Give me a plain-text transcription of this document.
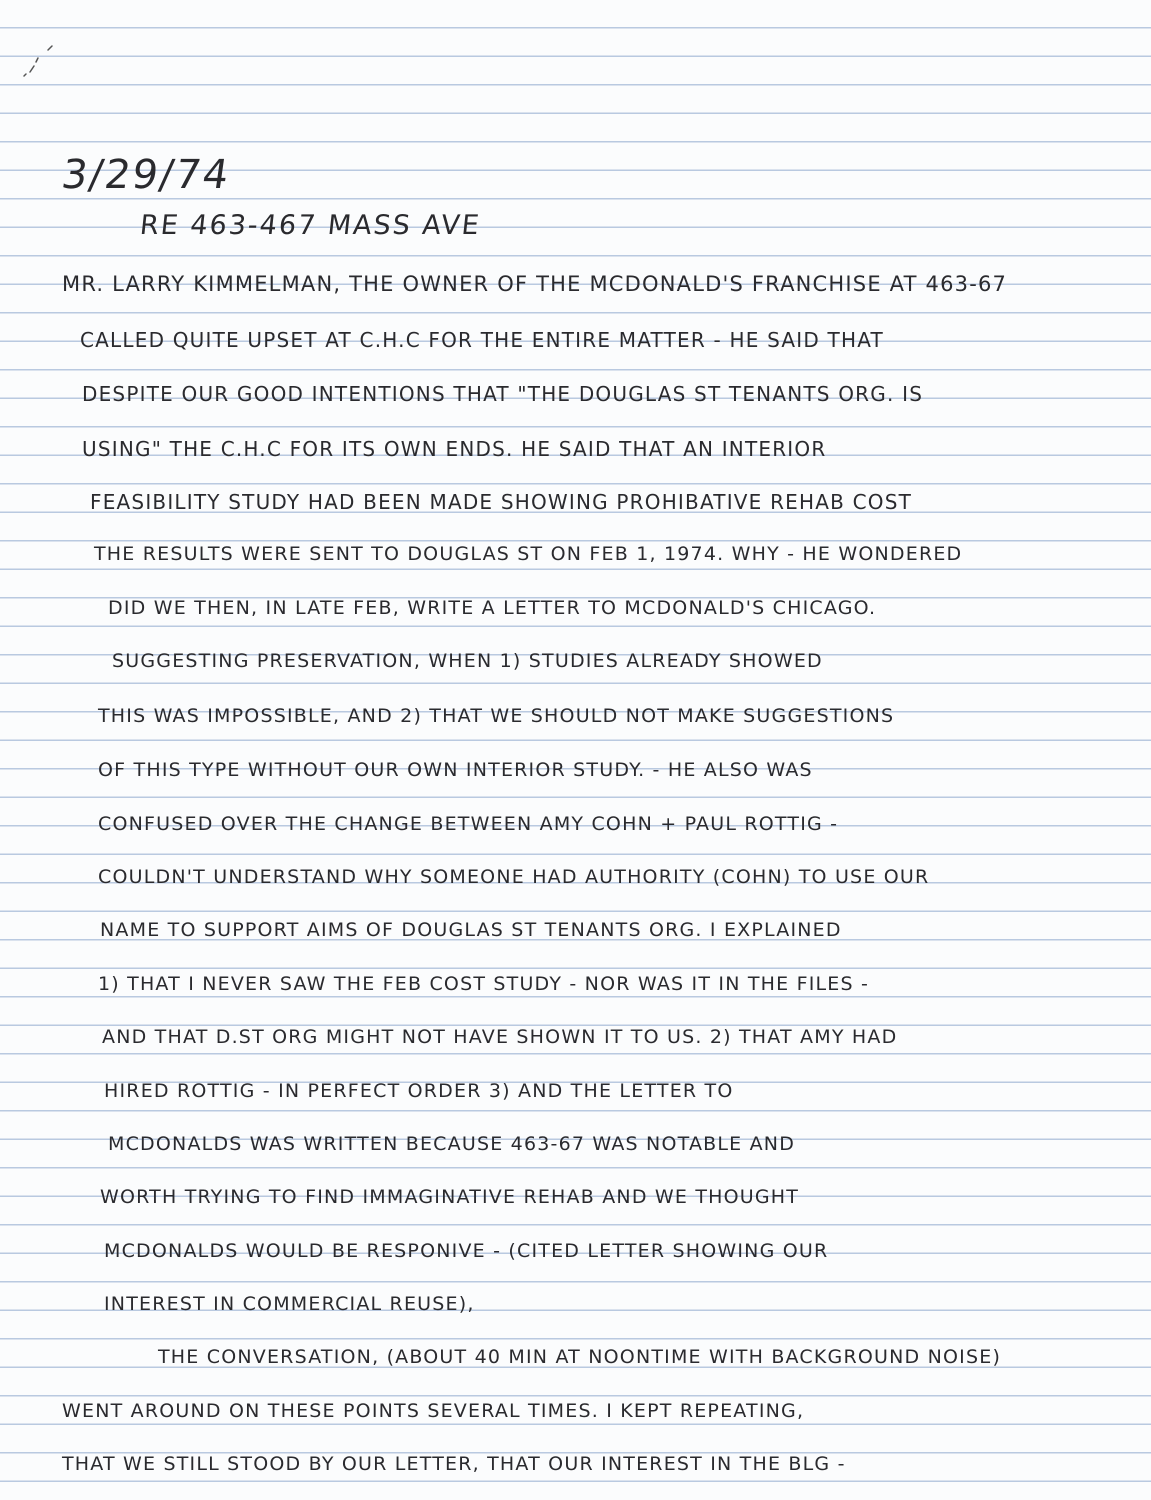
3/29/74
RE 463-467 MASS AVE
MR. LARRY KIMMELMAN, THE OWNER OF THE MCDONALD'S FRANCHISE AT 463-67
CALLED QUITE UPSET AT C.H.C FOR THE ENTIRE MATTER - HE SAID THAT
DESPITE OUR GOOD INTENTIONS THAT "THE DOUGLAS ST TENANTS ORG. IS
USING" THE C.H.C FOR ITS OWN ENDS. HE SAID THAT AN INTERIOR
FEASIBILITY STUDY HAD BEEN MADE SHOWING PROHIBATIVE REHAB COST
THE RESULTS WERE SENT TO DOUGLAS ST ON FEB 1, 1974. WHY - HE WONDERED
DID WE THEN, IN LATE FEB, WRITE A LETTER TO MCDONALD'S CHICAGO.
SUGGESTING PRESERVATION, WHEN 1) STUDIES ALREADY SHOWED
THIS WAS IMPOSSIBLE, AND 2) THAT WE SHOULD NOT MAKE SUGGESTIONS
OF THIS TYPE WITHOUT OUR OWN INTERIOR STUDY. - HE ALSO WAS
CONFUSED OVER THE CHANGE BETWEEN AMY COHN + PAUL ROTTIG -
COULDN'T UNDERSTAND WHY SOMEONE HAD AUTHORITY (COHN) TO USE OUR
NAME TO SUPPORT AIMS OF DOUGLAS ST TENANTS ORG. I EXPLAINED
1) THAT I NEVER SAW THE FEB COST STUDY - NOR WAS IT IN THE FILES -
AND THAT D.ST ORG MIGHT NOT HAVE SHOWN IT TO US. 2) THAT AMY HAD
HIRED ROTTIG - IN PERFECT ORDER 3) AND THE LETTER TO
MCDONALDS WAS WRITTEN BECAUSE 463-67 WAS NOTABLE AND
WORTH TRYING TO FIND IMMAGINATIVE REHAB AND WE THOUGHT
MCDONALDS WOULD BE RESPONIVE - (CITED LETTER SHOWING OUR
INTEREST IN COMMERCIAL REUSE),
THE CONVERSATION, (ABOUT 40 MIN AT NOONTIME WITH BACKGROUND NOISE)
WENT AROUND ON THESE POINTS SEVERAL TIMES. I KEPT REPEATING,
THAT WE STILL STOOD BY OUR LETTER, THAT OUR INTEREST IN THE BLG -
